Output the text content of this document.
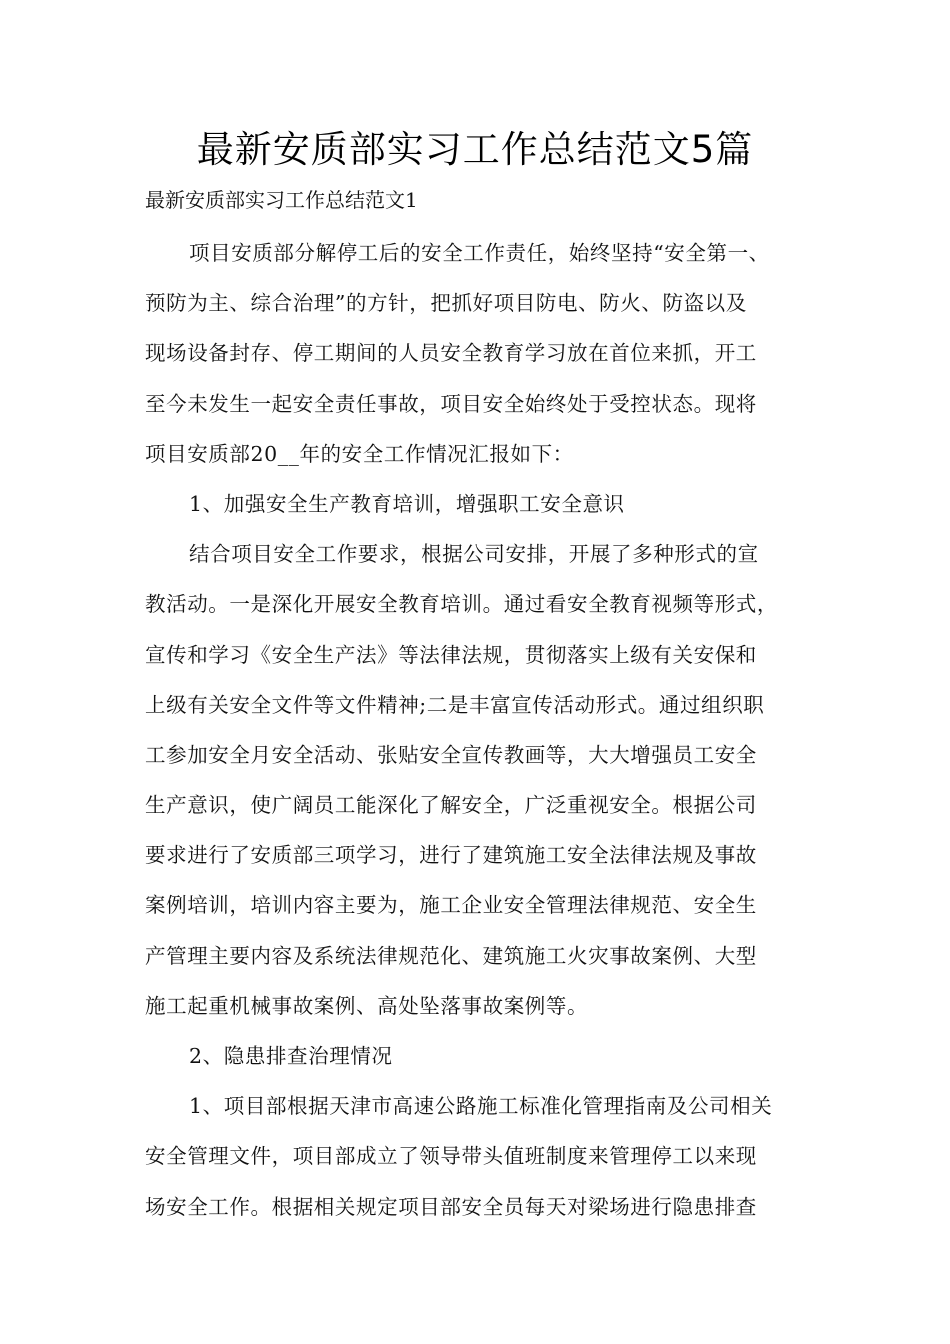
最新安质部实习工作总结范文5篇
最新安质部实习工作总结范文1
项目安质部分解停工后的安全工作责任，始终坚持“安全第一、
预防为主、综合治理”的方针，把抓好项目防电、防火、防盗以及
现场设备封存、停工期间的人员安全教育学习放在首位来抓，开工
至今未发生一起安全责任事故，项目安全始终处于受控状态。现将
项目安质部20__年的安全工作情况汇报如下：
1、加强安全生产教育培训，增强职工安全意识
结合项目安全工作要求，根据公司安排，开展了多种形式的宣
教活动。一是深化开展安全教育培训。通过看安全教育视频等形式，
宣传和学习《安全生产法》等法律法规，贯彻落实上级有关安保和
上级有关安全文件等文件精神;二是丰富宣传活动形式。通过组织职
工参加安全月安全活动、张贴安全宣传教画等，大大增强员工安全
生产意识，使广阔员工能深化了解安全，广泛重视安全。根据公司
要求进行了安质部三项学习，进行了建筑施工安全法律法规及事故
案例培训，培训内容主要为，施工企业安全管理法律规范、安全生
产管理主要内容及系统法律规范化、建筑施工火灾事故案例、大型
施工起重机械事故案例、高处坠落事故案例等。
2、隐患排查治理情况
1、项目部根据天津市高速公路施工标准化管理指南及公司相关
安全管理文件，项目部成立了领导带头值班制度来管理停工以来现
场安全工作。根据相关规定项目部安全员每天对梁场进行隐患排查
